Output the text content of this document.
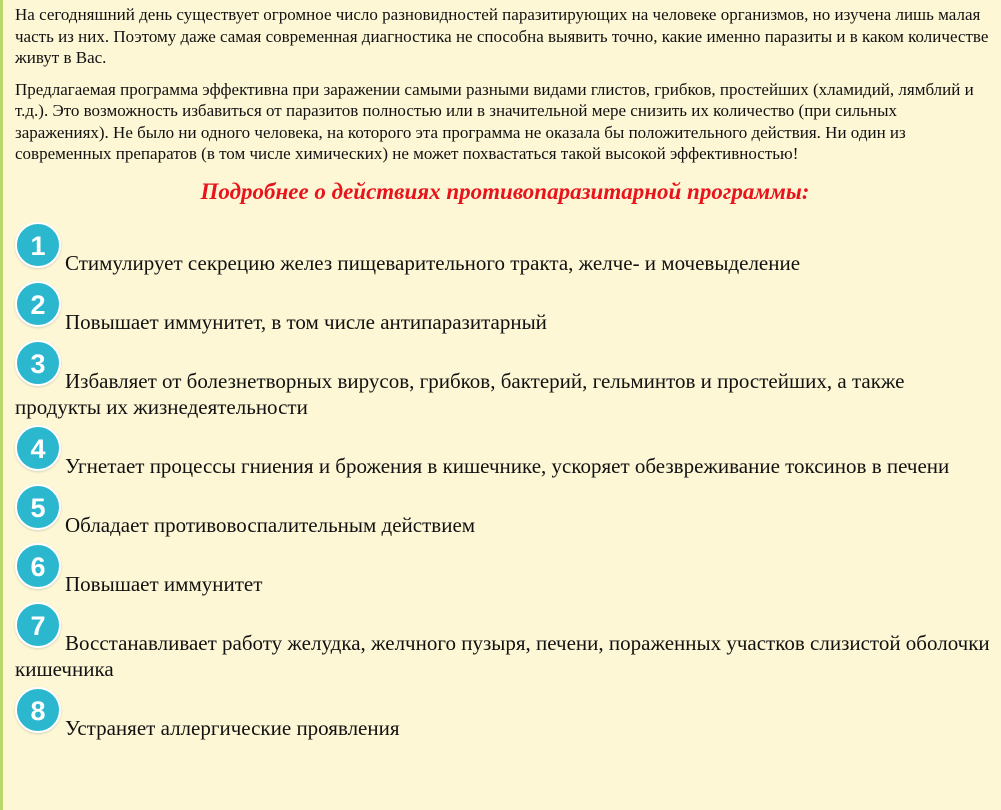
На сегодняшний день существует огромное число разновидностей паразитирующих на человеке организмов, но изучена лишь малая часть из них. Поэтому даже самая современная диагностика не способна выявить точно, какие именно паразиты и в каком количестве живут в Вас.

Предлагаемая программа эффективна при заражении самыми разными видами глистов, грибков, простейших (хламидий, лямблий и т.д.). Это возможность избавиться от паразитов полностью или в значительной мере снизить их количество (при сильных заражениях). Не было ни одного человека, на которого эта программа не оказала бы положительного действия. Ни один из современных препаратов (в том числе химических) не может похвастаться такой высокой эффективностью!

Подробнее о действиях противопаразитарной программы:
1
Стимулирует секрецию желез пищеварительного тракта, желче- и мочевыделение
2
Повышает иммунитет, в том числе антипаразитарный
3
Избавляет от болезнетворных вирусов, грибков, бактерий, гельминтов и простейших, а также продукты их жизнедеятельности
4
Угнетает процессы гниения и брожения в кишечнике, ускоряет обезвреживание токсинов в печени
5
Обладает противовоспалительным действием
6
Повышает иммунитет
7
Восстанавливает работу желудка, желчного пузыря, печени, пораженных участков слизистой оболочки кишечника
8
Устраняет аллергические проявления
